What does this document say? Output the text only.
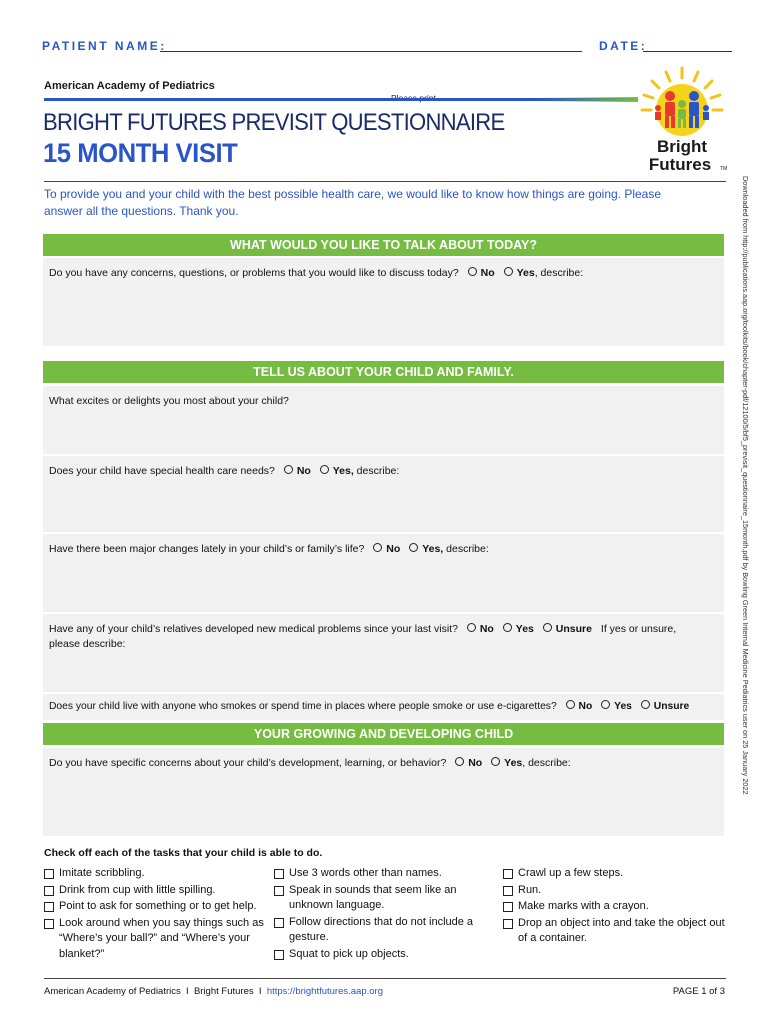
PATIENT NAME:	DATE:
American Academy of Pediatrics
BRIGHT FUTURES PREVISIT QUESTIONNAIRE
15 MONTH VISIT	Bright
Futures TM
To provide you and your child with the best possible health care, we would like to know how things are going. Please answer all the questions. Thank you.	Downloaded from http://publications.aap.org/toolkits/book/chapter-pdf/12100/5/bf5_previsit_questionnaire_15month.pdf by Bowling Green Internal Medicine Pediatrics user on 25 January 2022
WHAT WOULD YOU LIKE TO TALK ABOUT TODAY?
Do you have any concerns, questions, or problems that you would like to discuss today? No Yes, describe:
TELL US ABOUT YOUR CHILD AND FAMILY.
What excites or delights you most about your child?
Does your child have special health care needs? No Yes, describe:
Have there been major changes lately in your child’s or family’s life? No Yes, describe:
Have any of your child’s relatives developed new medical problems since your last visit? No Yes Unsure If yes or unsure,
please describe:
Does your child live with anyone who smokes or spend time in places where people smoke or use e-cigarettes? No Yes Unsure
YOUR GROWING AND DEVELOPING CHILD
Do you have specific concerns about your child’s development, learning, or behavior? No Yes, describe:
Check off each of the tasks that your child is able to do.
Imitate scribbling.
Drink from cup with little spilling.
Point to ask for something or to get help.
Look around when you say things such as “Where’s your ball?” and “Where’s your blanket?”
Use 3 words other than names.
Speak in sounds that seem like an unknown language.
Follow directions that do not include a gesture.
Squat to pick up objects.
Crawl up a few steps.
Run.
Make marks with a crayon.
Drop an object into and take the object out of a container.
American Academy of Pediatrics  I  Bright Futures  I  https://brightfutures.aap.org	PAGE 1 of 3
